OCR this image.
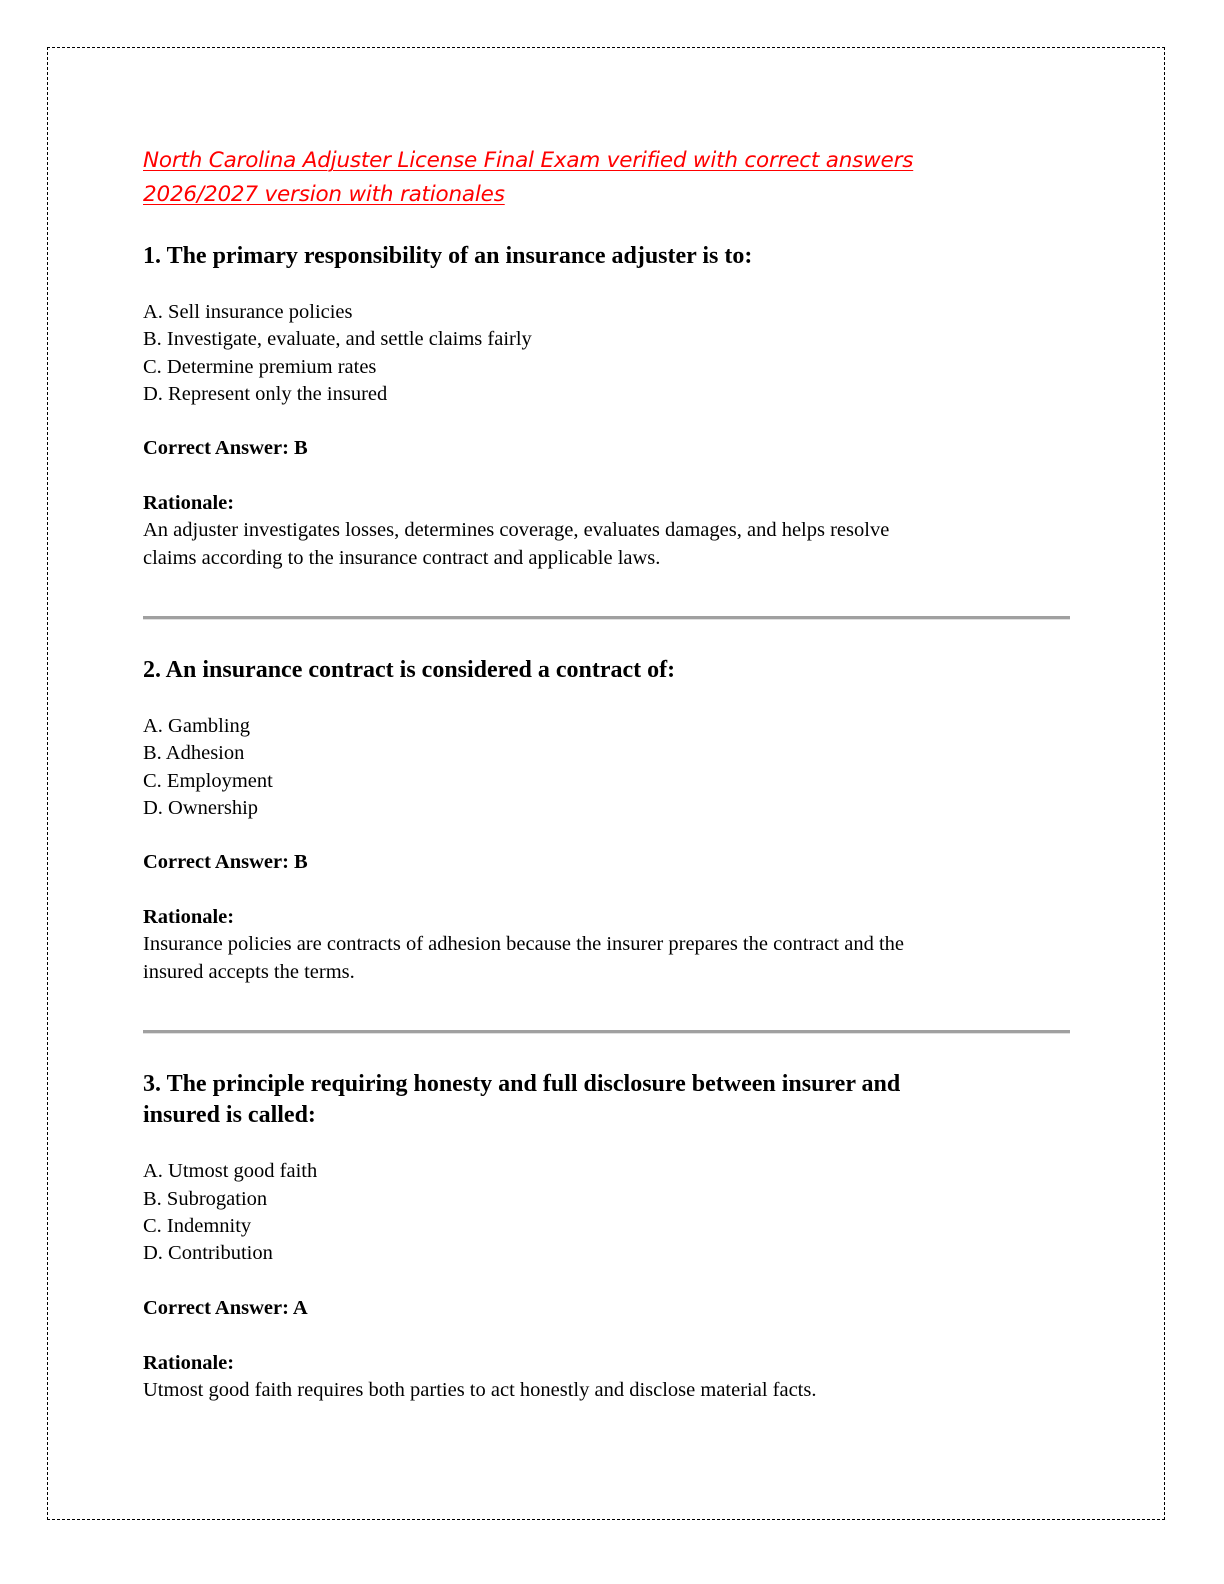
North Carolina Adjuster License Final Exam verified with correct answers
2026/2027 version with rationales

1. The primary responsibility of an insurance adjuster is to:
A. Sell insurance policies
B. Investigate, evaluate, and settle claims fairly
C. Determine premium rates
D. Represent only the insured

Correct Answer: B

Rationale:

An adjuster investigates losses, determines coverage, evaluates damages, and helps resolve
claims according to the insurance contract and applicable laws.

2. An insurance contract is considered a contract of:
A. Gambling
B. Adhesion
C. Employment
D. Ownership

Correct Answer: B

Rationale:

Insurance policies are contracts of adhesion because the insurer prepares the contract and the
insured accepts the terms.

3. The principle requiring honesty and full disclosure between insurer and
insured is called:
A. Utmost good faith
B. Subrogation
C. Indemnity
D. Contribution

Correct Answer: A

Rationale:

Utmost good faith requires both parties to act honestly and disclose material facts.
